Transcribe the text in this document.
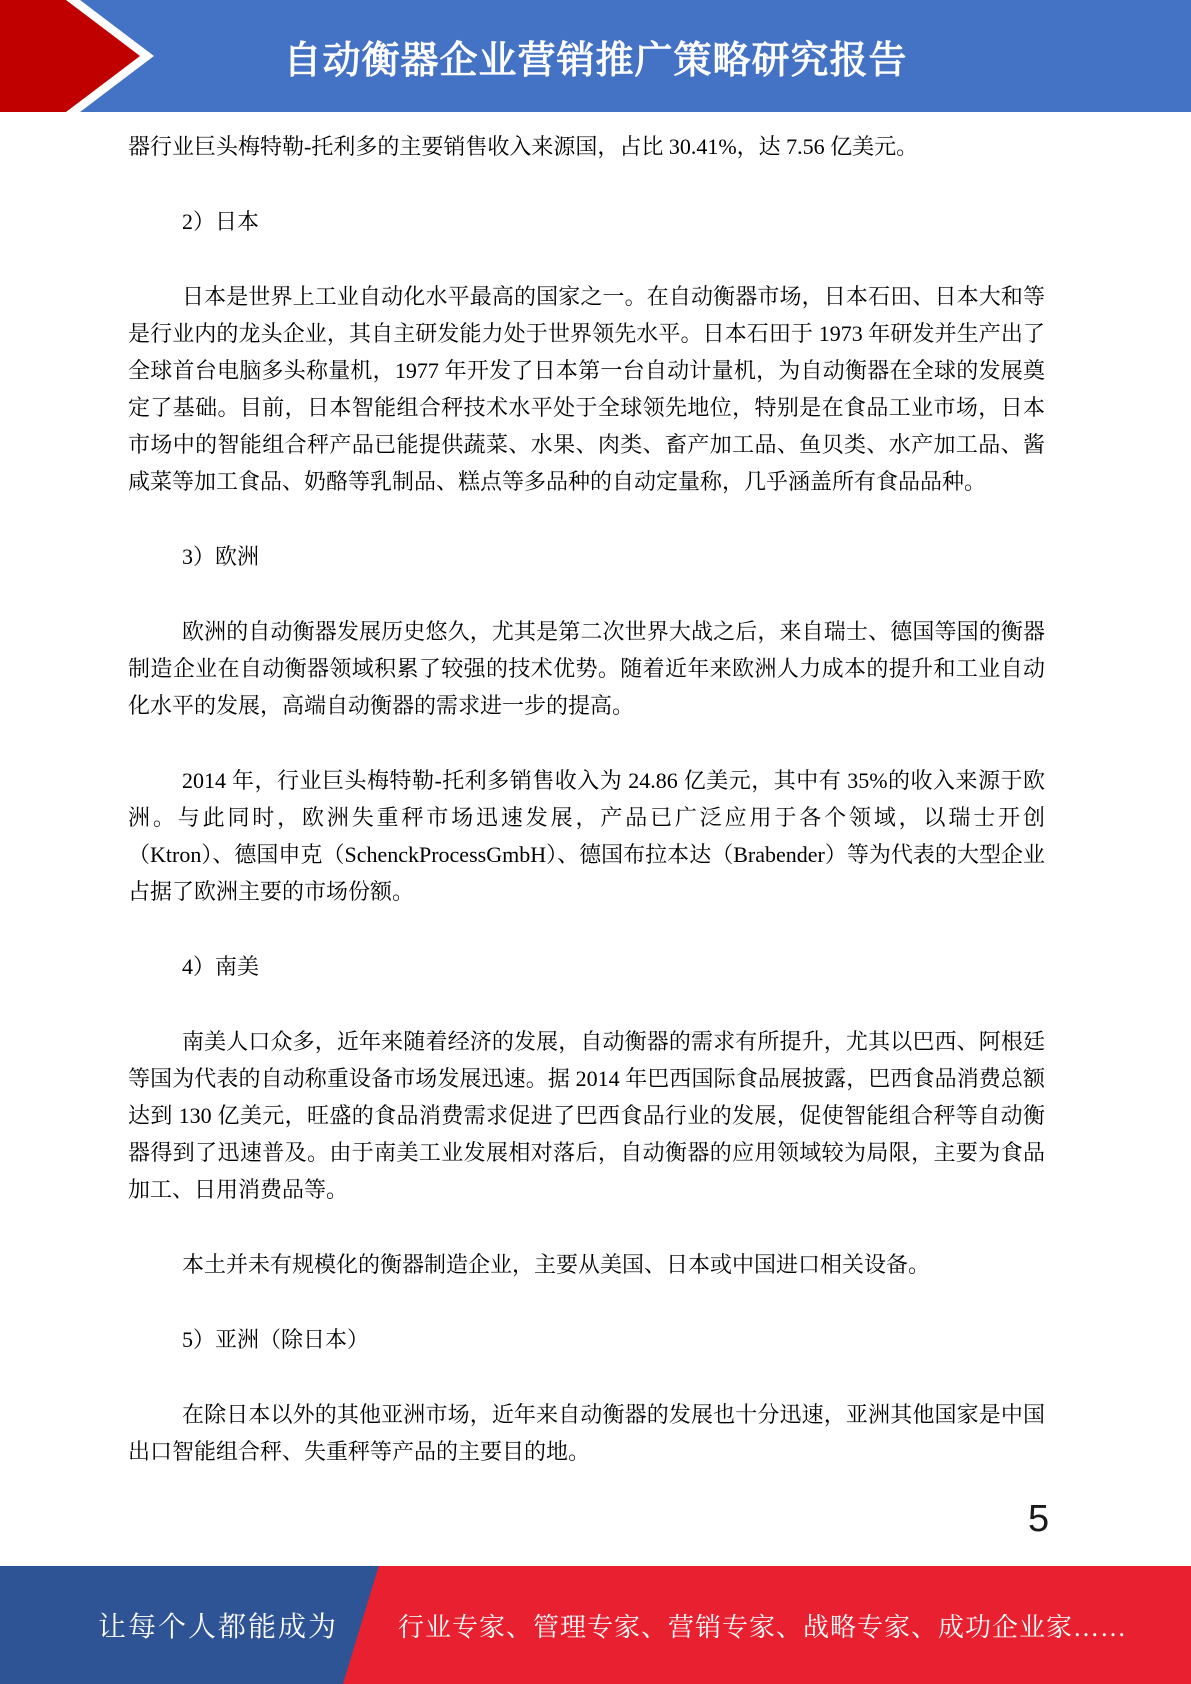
自动衡器企业营销推广策略研究报告

器行业巨头梅特勒-托利多的主要销售收入来源国，占比 30.41%，达 7.56 亿美元。

2）日本

日本是世界上工业自动化水平最高的国家之一。在自动衡器市场，日本石田、日本大和等是行业内的龙头企业，其自主研发能力处于世界领先水平。日本石田于 1973 年研发并生产出了全球首台电脑多头称量机，1977 年开发了日本第一台自动计量机，为自动衡器在全球的发展奠定了基础。目前，日本智能组合秤技术水平处于全球领先地位，特别是在食品工业市场，日本市场中的智能组合秤产品已能提供蔬菜、水果、肉类、畜产加工品、鱼贝类、水产加工品、酱咸菜等加工食品、奶酪等乳制品、糕点等多品种的自动定量称，几乎涵盖所有食品品种。

3）欧洲

欧洲的自动衡器发展历史悠久，尤其是第二次世界大战之后，来自瑞士、德国等国的衡器制造企业在自动衡器领域积累了较强的技术优势。随着近年来欧洲人力成本的提升和工业自动化水平的发展，高端自动衡器的需求进一步的提高。

2014 年，行业巨头梅特勒-托利多销售收入为 24.86 亿美元，其中有 35%的收入来源于欧洲。与此同时，欧洲失重秤市场迅速发展，产品已广泛应用于各个领域，以瑞士开创（Ktron）、德国申克（SchenckProcessGmbH）、德国布拉本达（Brabender）等为代表的大型企业占据了欧洲主要的市场份额。

4）南美

南美人口众多，近年来随着经济的发展，自动衡器的需求有所提升，尤其以巴西、阿根廷等国为代表的自动称重设备市场发展迅速。据 2014 年巴西国际食品展披露，巴西食品消费总额达到 130 亿美元，旺盛的食品消费需求促进了巴西食品行业的发展，促使智能组合秤等自动衡器得到了迅速普及。由于南美工业发展相对落后，自动衡器的应用领域较为局限，主要为食品加工、日用消费品等。

本土并未有规模化的衡器制造企业，主要从美国、日本或中国进口相关设备。

5）亚洲（除日本）

在除日本以外的其他亚洲市场，近年来自动衡器的发展也十分迅速，亚洲其他国家是中国出口智能组合秤、失重秤等产品的主要目的地。

5
让每个人都能成为 行业专家、管理专家、营销专家、战略专家、成功企业家……
